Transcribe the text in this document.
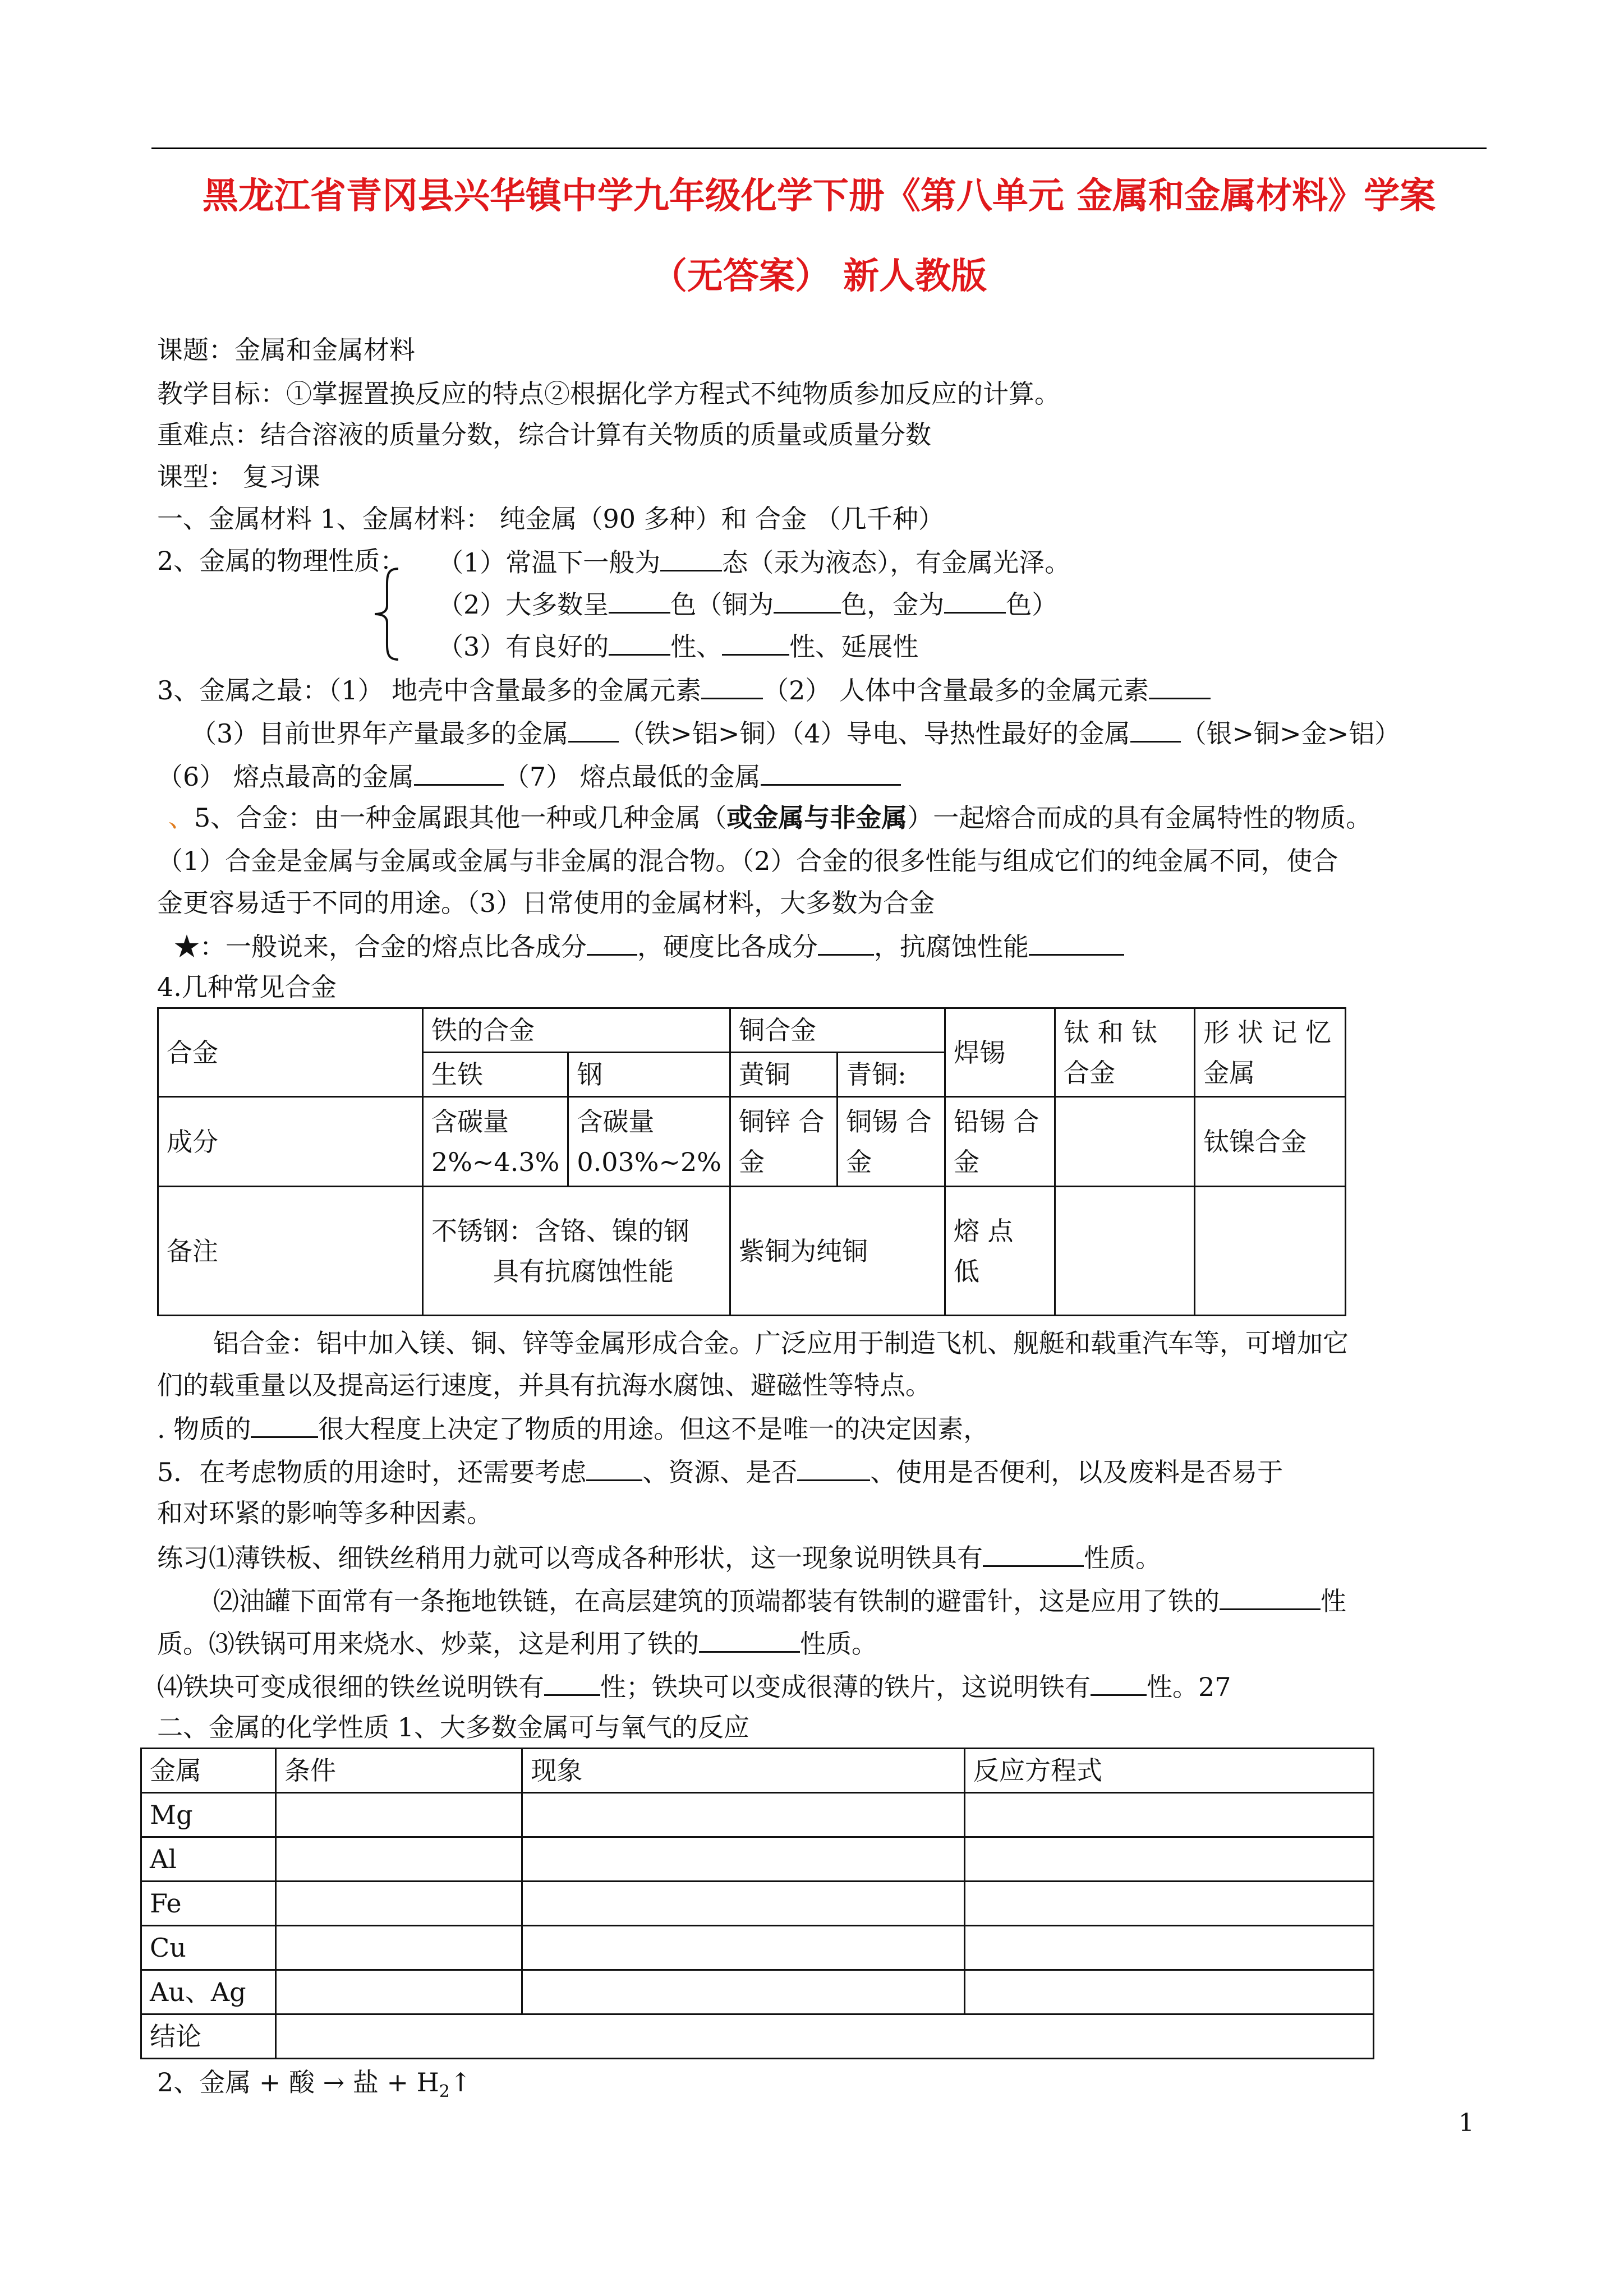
黑龙江省青冈县兴华镇中学九年级化学下册《第八单元 金属和金属材料》学案
（无答案） 新人教版
课题：金属和金属材料
教学目标：①掌握置换反应的特点②根据化学方程式不纯物质参加反应的计算。
重难点：结合溶液的质量分数，综合计算有关物质的质量或质量分数
课型： 复习课
一、金属材料 1、金属材料： 纯金属（90 多种）和 合金 （几千种）
2、金属的物理性质： （1）常温下一般为 态（汞为液态），有金属光泽。
（2）大多数呈 色（铜为	色，金为 色）
（3）有良好的 性、	性、延展性
3、金属之最：（1） 地壳中含量最多的金属元素 （2） 人体中含量最多的金属元素
（3）目前世界年产量最多的金属 （铁>铝>铜）（4）导电、导热性最好的金属 （银>铜>金>铝）
（6） 熔点最高的金属	（7） 熔点最低的金属
、5、合金：由一种金属跟其他一种或几种金属（或金属与非金属）一起熔合而成的具有金属特性的物质。
（1）合金是金属与金属或金属与非金属的混合物。（2）合金的很多性能与组成它们的纯金属不同，使合
金更容易适于不同的用途。（3）日常使用的金属材料，大多数为合金
★：一般说来，合金的熔点比各成分 ，硬度比各成分 ，抗腐蚀性能
4.几种常见合金
合金	铁的合金		铜合金		焊锡	钛 和 钛 合金	形 状 记 忆 金属
	生铁	钢	黄铜	青铜:			
成分	含碳量 2%~4.3%	含碳量 0.03%~2%	铜锌 合金	铜锡 合金	铅锡 合金		钛镍合金
备注	不锈钢：含铬、镍的钢
具有抗腐蚀性能		紫铜为纯铜		熔 点 低		
铝合金：铝中加入镁、铜、锌等金属形成合金。广泛应用于制造飞机、舰艇和载重汽车等，可增加它
们的载重量以及提高运行速度，并具有抗海水腐蚀、避磁性等特点。
. 物质的	很大程度上决定了物质的用途。但这不是唯一的决定因素，
5．在考虑物质的用途时，还需要考虑 、资源、是否	、使用是否便利，以及废料是否易于
和对环紧的影响等多种因素。
练习⑴薄铁板、细铁丝稍用力就可以弯成各种形状，这一现象说明铁具有	性质。
⑵油罐下面常有一条拖地铁链，在高层建筑的顶端都装有铁制的避雷针，这是应用了铁的	性
质。⑶铁锅可用来烧水、炒菜，这是利用了铁的	性质。
⑷铁块可变成很细的铁丝说明铁有 性；铁块可以变成很薄的铁片，这说明铁有 性。27
二、金属的化学性质 1、大多数金属可与氧气的反应
金属	条件	现象	反应方程式
Mg			
Al			
Fe			
Cu			
Au、Ag			
结论			
2、金属 + 酸 → 盐 + $H_2↑$
1
